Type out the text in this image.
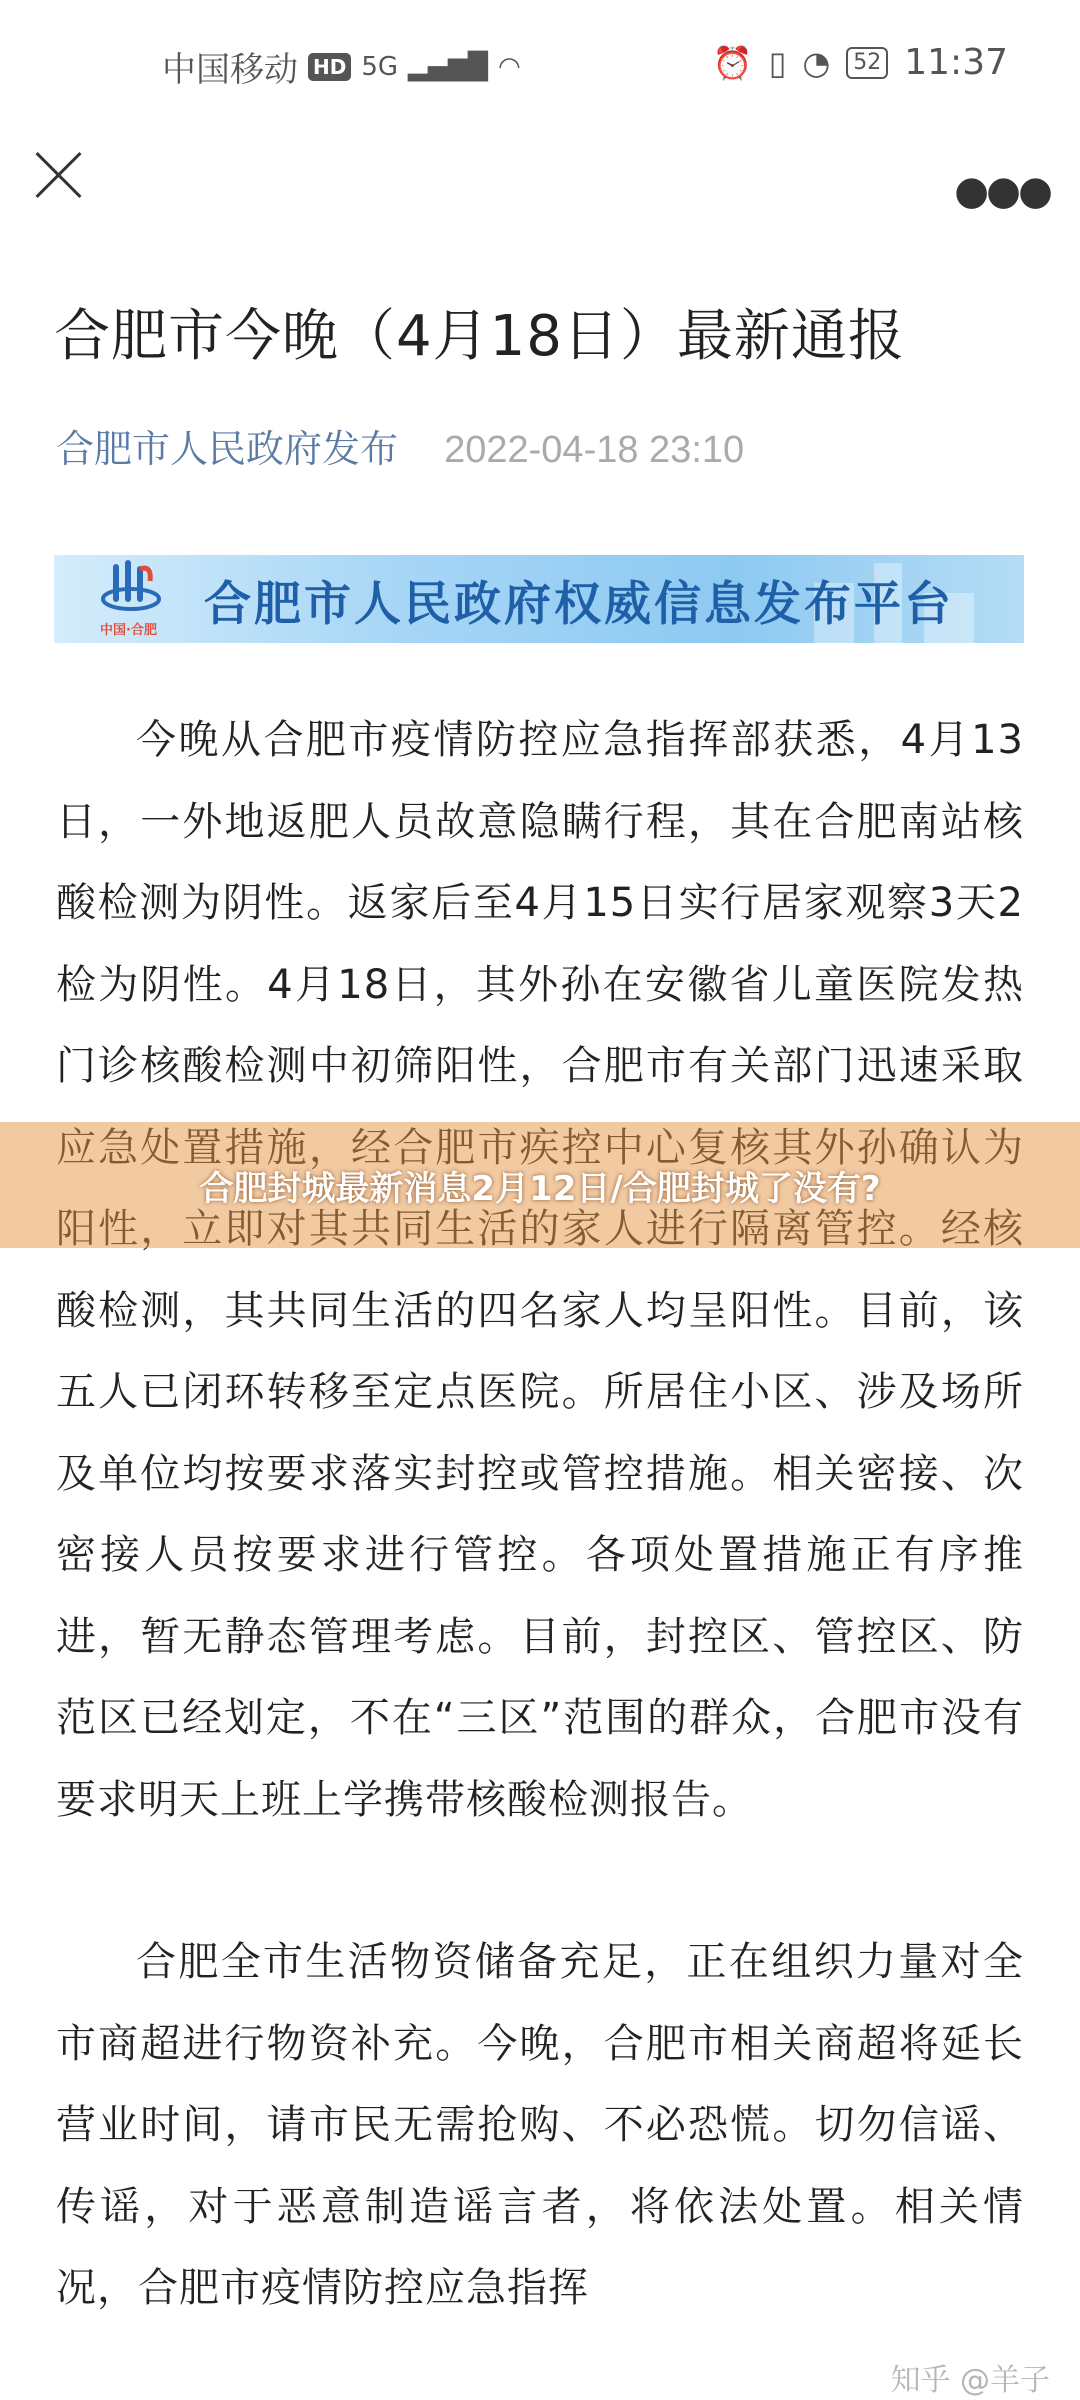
中国移动 HD 5G ▂▄▆█ ◠	⏰ ▯ ◔	52 11:37
●●●
合肥市今晚（4月18日）最新通报
合肥市人民政府发布 2022-04-18 23:10
中国·合肥 合肥市人民政府权威信息发布平台

今晚从合肥市疫情防控应急指挥部获悉，4月13日，一外地返肥人员故意隐瞒行程，其在合肥南站核酸检测为阴性。返家后至4月15日实行居家观察3天2检为阴性。4月18日，其外孙在安徽省儿童医院发热门诊核酸检测中初筛阳性，合肥市有关部门迅速采取 酸检测，其共同生活的四名家人均呈阳性。目前，该五人已闭环转移至定点医院。所居住小区、涉及场所及单位均按要求落实封控或管控措施。相关密接、次密接人员按要求进行管控。各项处置措施正有序推进，暂无静态管理考虑。目前，封控区、管控区、防范区已经划定，不在“三区”范围的群众，合肥市没有要求明天上班上学携带核酸检测报告。

合肥全市生活物资储备充足，正在组织力量对全市商超进行物资补充。今晚，合肥市相关商超将延长营业时间，请市民无需抢购、不必恐慌。切勿信谣、传谣，对于恶意制造谣言者，将依法处置。相关情况，合肥市疫情防控应急指挥

合肥封城最新消息2月12日/合肥封城了没有?
知乎 @羊子
